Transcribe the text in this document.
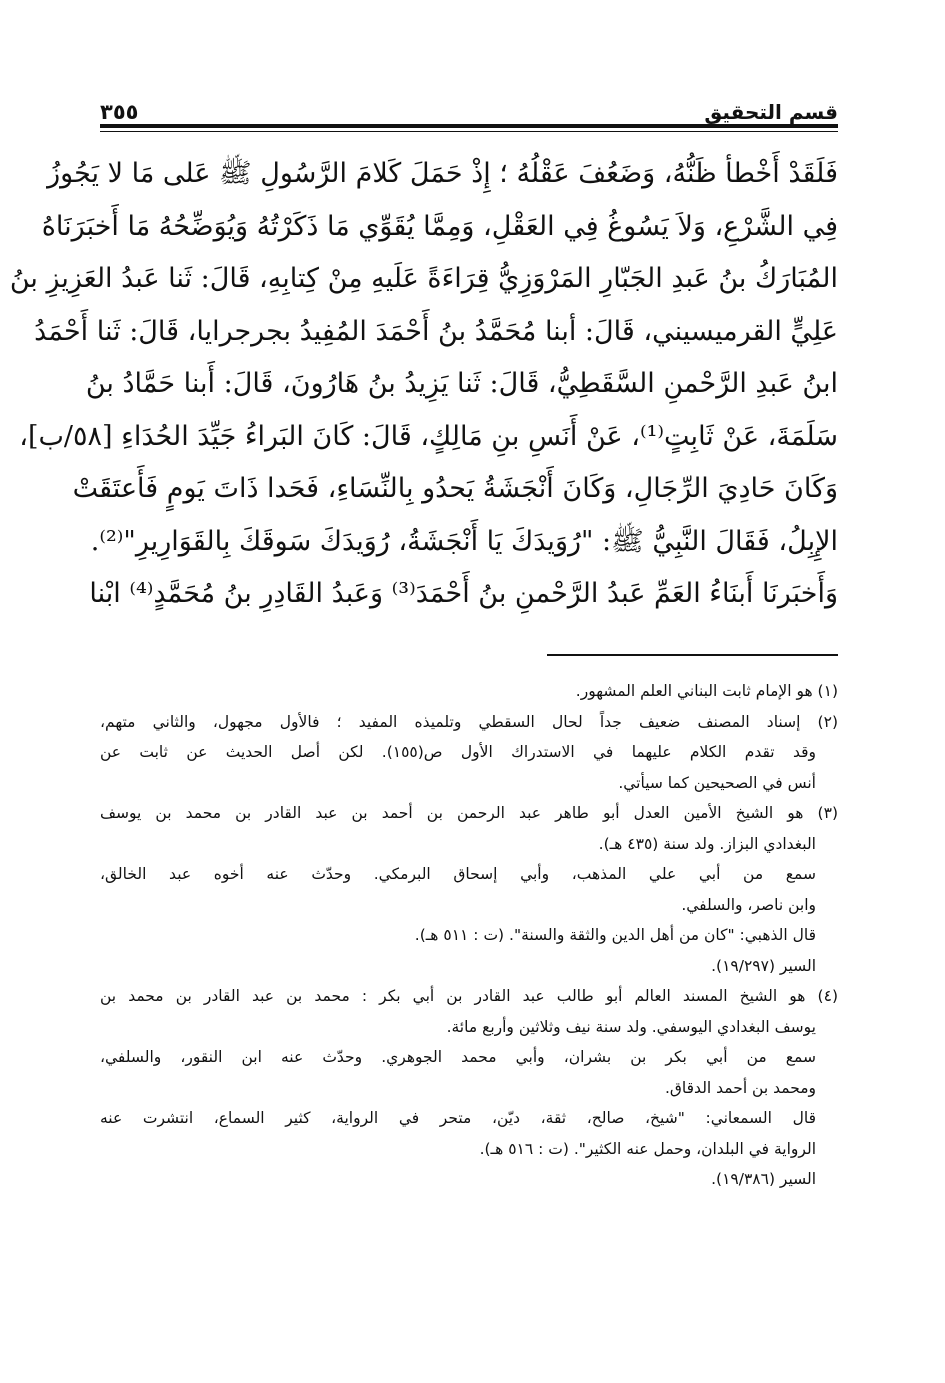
قسم التحقيق
٣٥٥
فَلَقَدْ أَخْطأ ظَنُّهُ، وَضَعُفَ عَقْلُهُ ؛ إِذْ حَمَلَ كَلامَ الرَّسُولِ ﷺ عَلى مَا لا يَجُوزُ
فِي الشَّرْعِ، وَلاَ يَسُوغُ فِي العَقْلِ، وَمِمَّا يُقَوِّي مَا ذَكَرْتُهُ وَيُوَضِّحُهُ مَا أَخبَرَنَاهُ
المُبَارَكُ بنُ عَبدِ الجَبّارِ المَرْوَزِيُّ قِرَاءَةً عَلَيهِ مِنْ كِتابِهِ، قَالَ: ثَنا عَبدُ العَزِيزِ بنُ
عَلِيٍّ القرميسيني، قَالَ: أبنا مُحَمَّدُ بنُ أَحْمَدَ المُفِيدُ بجرجرايا، قَالَ: ثَنا أَحْمَدُ
ابنُ عَبدِ الرَّحْمنِ السَّقَطِيُّ، قَالَ: ثَنا يَزِيدُ بنُ هَارُونَ، قَالَ: أَبنا حَمَّادُ بنُ
سَلَمَةَ، عَنْ ثَابِتٍ⁽¹⁾، عَنْ أَنَسِ بنِ مَالِكٍ، قَالَ: كَانَ البَراءُ جَيِّدَ الحُدَاءِ [٥٨/ب]،
وَكَانَ حَادِيَ الرِّجَالِ، وَكَانَ أَنْجَشَةُ يَحدُو بِالنِّسَاءِ، فَحَدا ذَاتَ يَومٍ فَأَعتَقَتْ
الإِبِلُ، فَقَالَ النَّبِيُّ ﷺ: "رُوَيدَكَ يَا أَنْجَشَةُ، رُوَيدَكَ سَوقَكَ بِالقَوَارِيرِ"⁽²⁾.
وَأَخبَرنَا أَبنَاءُ العَمِّ عَبدُ الرَّحْمنِ بنُ أَحْمَدَ⁽³⁾ وَعَبدُ القَادِرِ بنُ مُحَمَّدٍ⁽⁴⁾ ابْنا
(١) هو الإمام ثابت البناني العلم المشهور.
(٢) إسناد المصنف ضعيف جداً لحال السقطي وتلميذه المفيد ؛ فالأول مجهول، والثاني متهم،
وقد تقدم الكلام عليهما في الاستدراك الأول ص(١٥٥). لكن أصل الحديث عن ثابت عن
أنس في الصحيحين كما سيأتي.
(٣) هو الشيخ الأمين العدل أبو طاهر عبد الرحمن بن أحمد بن عبد القادر بن محمد بن يوسف
البغدادي البزاز. ولد سنة (٤٣٥ هـ).
سمع من أبي علي المذهب، وأبي إسحاق البرمكي. وحدّث عنه أخوه عبد الخالق،
وابن ناصر، والسلفي.
قال الذهبي: "كان من أهل الدين والثقة والسنة". (ت : ٥١١ هـ).
السير (١٩/٢٩٧).
(٤) هو الشيخ المسند العالم أبو طالب عبد القادر بن أبي بكر : محمد بن عبد القادر بن محمد بن
يوسف البغدادي اليوسفي. ولد سنة نيف وثلاثين وأربع مائة.
سمع من أبي بكر بن بشران، وأبي محمد الجوهري. وحدّث عنه ابن النقور، والسلفي،
ومحمد بن أحمد الدقاق.
قال السمعاني: "شيخ، صالح، ثقة، ديّن، متحر في الرواية، كثير السماع، انتشرت عنه
الرواية في البلدان، وحمل عنه الكثير". (ت : ٥١٦ هـ).
السير (١٩/٣٨٦).
